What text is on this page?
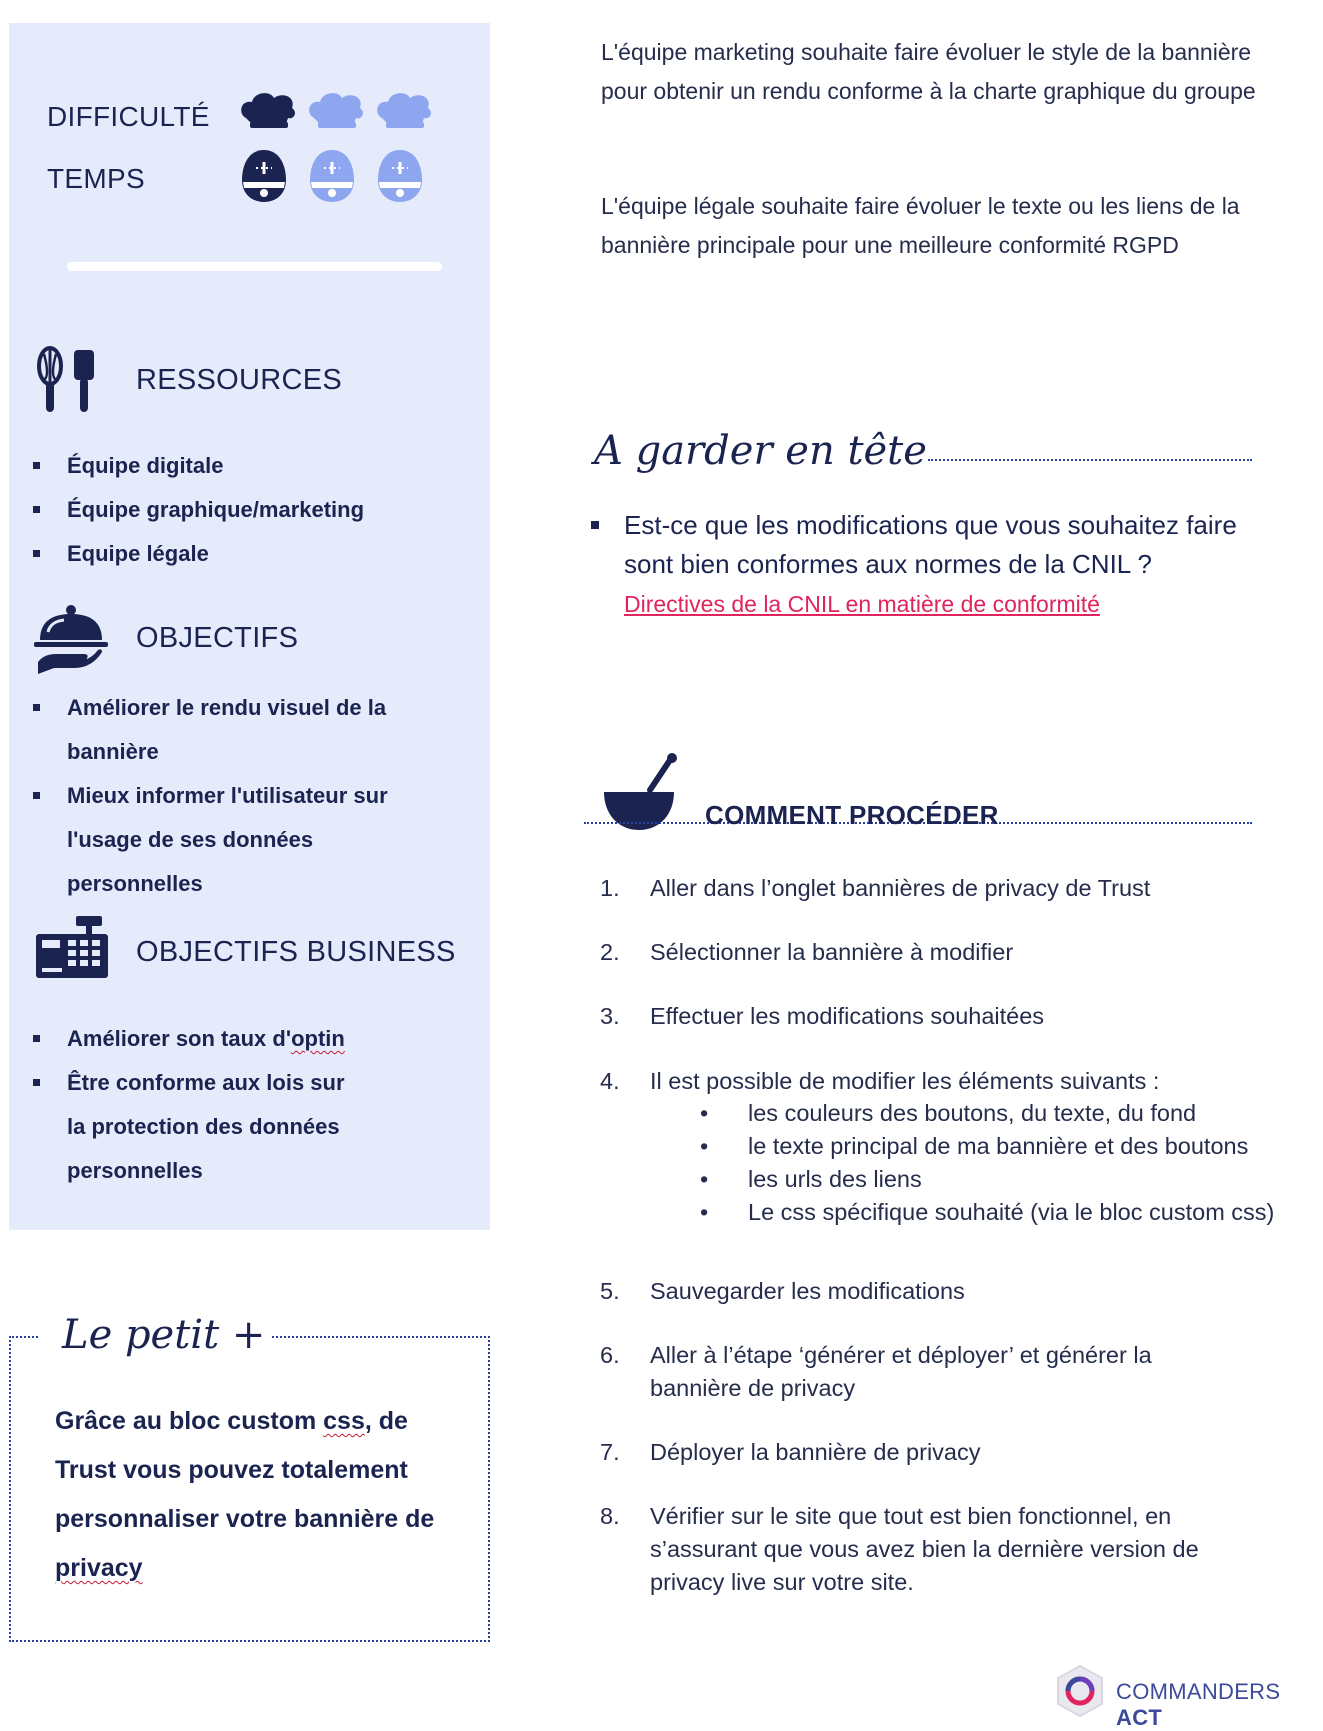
DIFFICULTÉ
TEMPS
RESSOURCES
Équipe digitale
Équipe graphique/marketing
Equipe légale
OBJECTIFS
Améliorer le rendu visuel de la bannière
Mieux informer l'utilisateur sur l'usage de ses données personnelles
OBJECTIFS BUSINESS
Améliorer son taux d'optin
Être conforme aux lois sur la protection des données personnelles
Le petit +
Grâce au bloc custom css, de Trust vous pouvez totalement personnaliser votre bannière de privacy
L'équipe marketing souhaite faire évoluer le style de la bannière pour obtenir un rendu conforme à la charte graphique du groupe
L'équipe légale souhaite faire évoluer le texte ou les liens de la bannière principale pour une meilleure conformité RGPD
A garder en tête
Est-ce que les modifications que vous souhaitez faire sont bien conformes aux normes de la CNIL ?
Directives de la CNIL en matière de conformité
COMMENT PROCÉDER
1.	Aller dans l’onglet bannières de privacy de Trust
2.	Sélectionner la bannière à modifier
3.	Effectuer les modifications souhaitées
4.	Il est possible de modifier les éléments suivants :
• les couleurs des boutons, du texte, du fond
• le texte principal de ma bannière et des boutons
• les urls des liens
• Le css spécifique souhaité (via le bloc custom css)
5.	Sauvegarder les modifications
6.	Aller à l’étape ‘générer et déployer’ et générer la bannière de privacy
7.	Déployer la bannière de privacy
8.	Vérifier sur le site que tout est bien fonctionnel, en s’assurant que vous avez bien la dernière version de privacy live sur votre site.
COMMANDERS ACT
